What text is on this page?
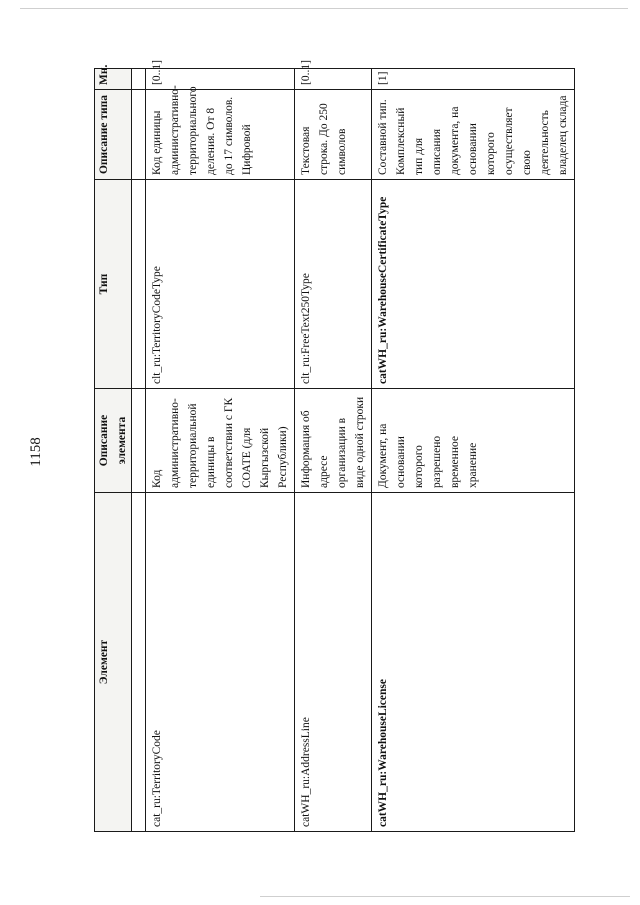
1158
Элемент	Описание элемента	Тип	Описание типа	Мн.

cat_ru:TerritoryCode	Код административно-территориальной единицы в соответствии с ГК СОАТЕ (для Кыргызской Республики)	clt_ru:TerritoryCodeType	Код единицы административно-территориального деления. От 8 до 17 символов. Цифровой	[0..1]
catWH_ru:AddressLine	Информация об адресе организации в виде одной строки	clt_ru:FreeText250Type	Текстовая строка. До 250 символов	[0..1]
catWH_ru:WarehouseLicense	Документ, на основании которого разрешено временное хранение	catWH_ru:WarehouseCertificateType	Составной тип. Комплексный тип для описания документа, на основании которого осуществляет свою деятельность владелец склада	[1]
